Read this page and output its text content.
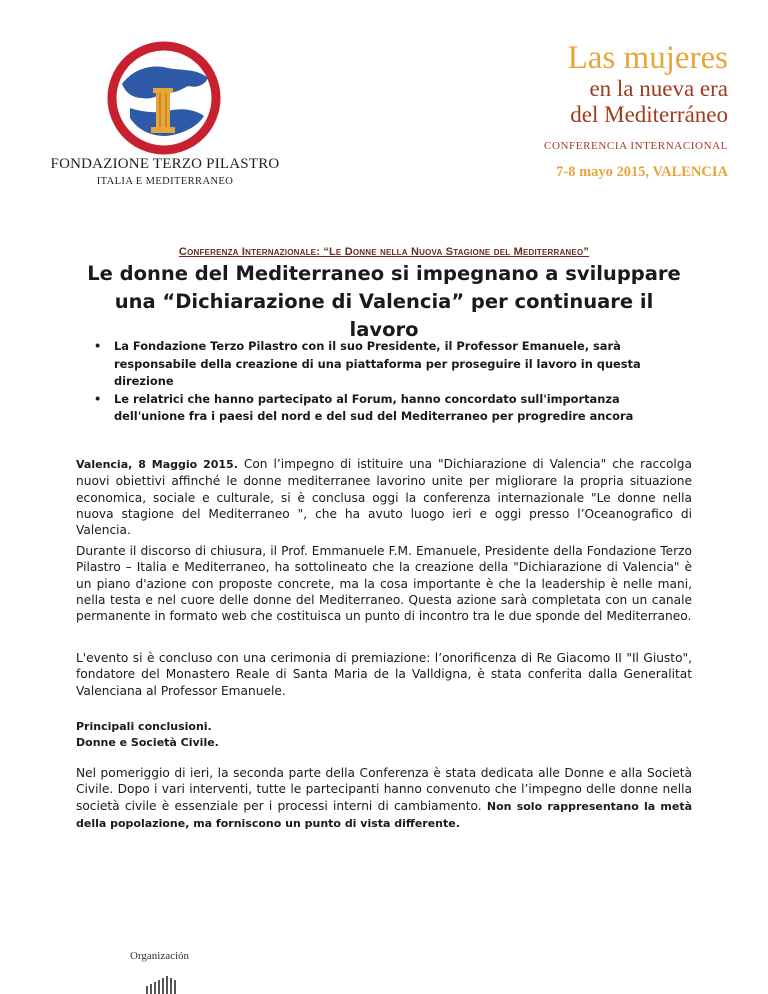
FONDAZIONE TERZO PILASTRO
ITALIA E MEDITERRANEO
Las mujeres
en la nueva era
del Mediterráneo
CONFERENCIA INTERNACIONAL
7-8 mayo 2015, VALENCIA
Conferenza Internazionale: “Le Donne nella Nuova Stagione del Mediterraneo”
Le donne del Mediterraneo si impegnano a sviluppare una “Dichiarazione di Valencia” per continuare il lavoro
• La Fondazione Terzo Pilastro con il suo Presidente, il Professor Emanuele, sarà responsabile della creazione di una piattaforma per proseguire il lavoro in questa direzione
• Le relatrici che hanno partecipato al Forum, hanno concordato sull'importanza dell'unione fra i paesi del nord e del sud del Mediterraneo per progredire ancora
Valencia, 8 Maggio 2015. Con l’impegno di istituire una "Dichiarazione di Valencia" che raccolga nuovi obiettivi affinché le donne mediterranee lavorino unite per migliorare la propria situazione economica, sociale e culturale, si è conclusa oggi la conferenza internazionale "Le donne nella nuova stagione del Mediterraneo ", che ha avuto luogo ieri e oggi presso l’Oceanografico di Valencia.
Durante il discorso di chiusura, il Prof. Emmanuele F.M. Emanuele, Presidente della Fondazione Terzo Pilastro – Italia e Mediterraneo, ha sottolineato che la creazione della "Dichiarazione di Valencia" è un piano d'azione con proposte concrete, ma la cosa importante è che la leadership è nelle mani, nella testa e nel cuore delle donne del Mediterraneo. Questa azione sarà completata con un canale permanente in formato web che costituisca un punto di incontro tra le due sponde del Mediterraneo.
L'evento si è concluso con una cerimonia di premiazione: l’onorificenza di Re Giacomo II "Il Giusto", fondatore del Monastero Reale di Santa Maria de la Valldigna, è stata conferita dalla Generalitat Valenciana al Professor Emanuele.
Principali conclusioni.
Donne e Società Civile.
Nel pomeriggio di ieri, la seconda parte della Conferenza è stata dedicata alle Donne e alla Società Civile. Dopo i vari interventi, tutte le partecipanti hanno convenuto che l’impegno delle donne nella società civile è essenziale per i processi interni di cambiamento. Non solo rappresentano la metà della popolazione, ma forniscono un punto di vista differente.
Organización
